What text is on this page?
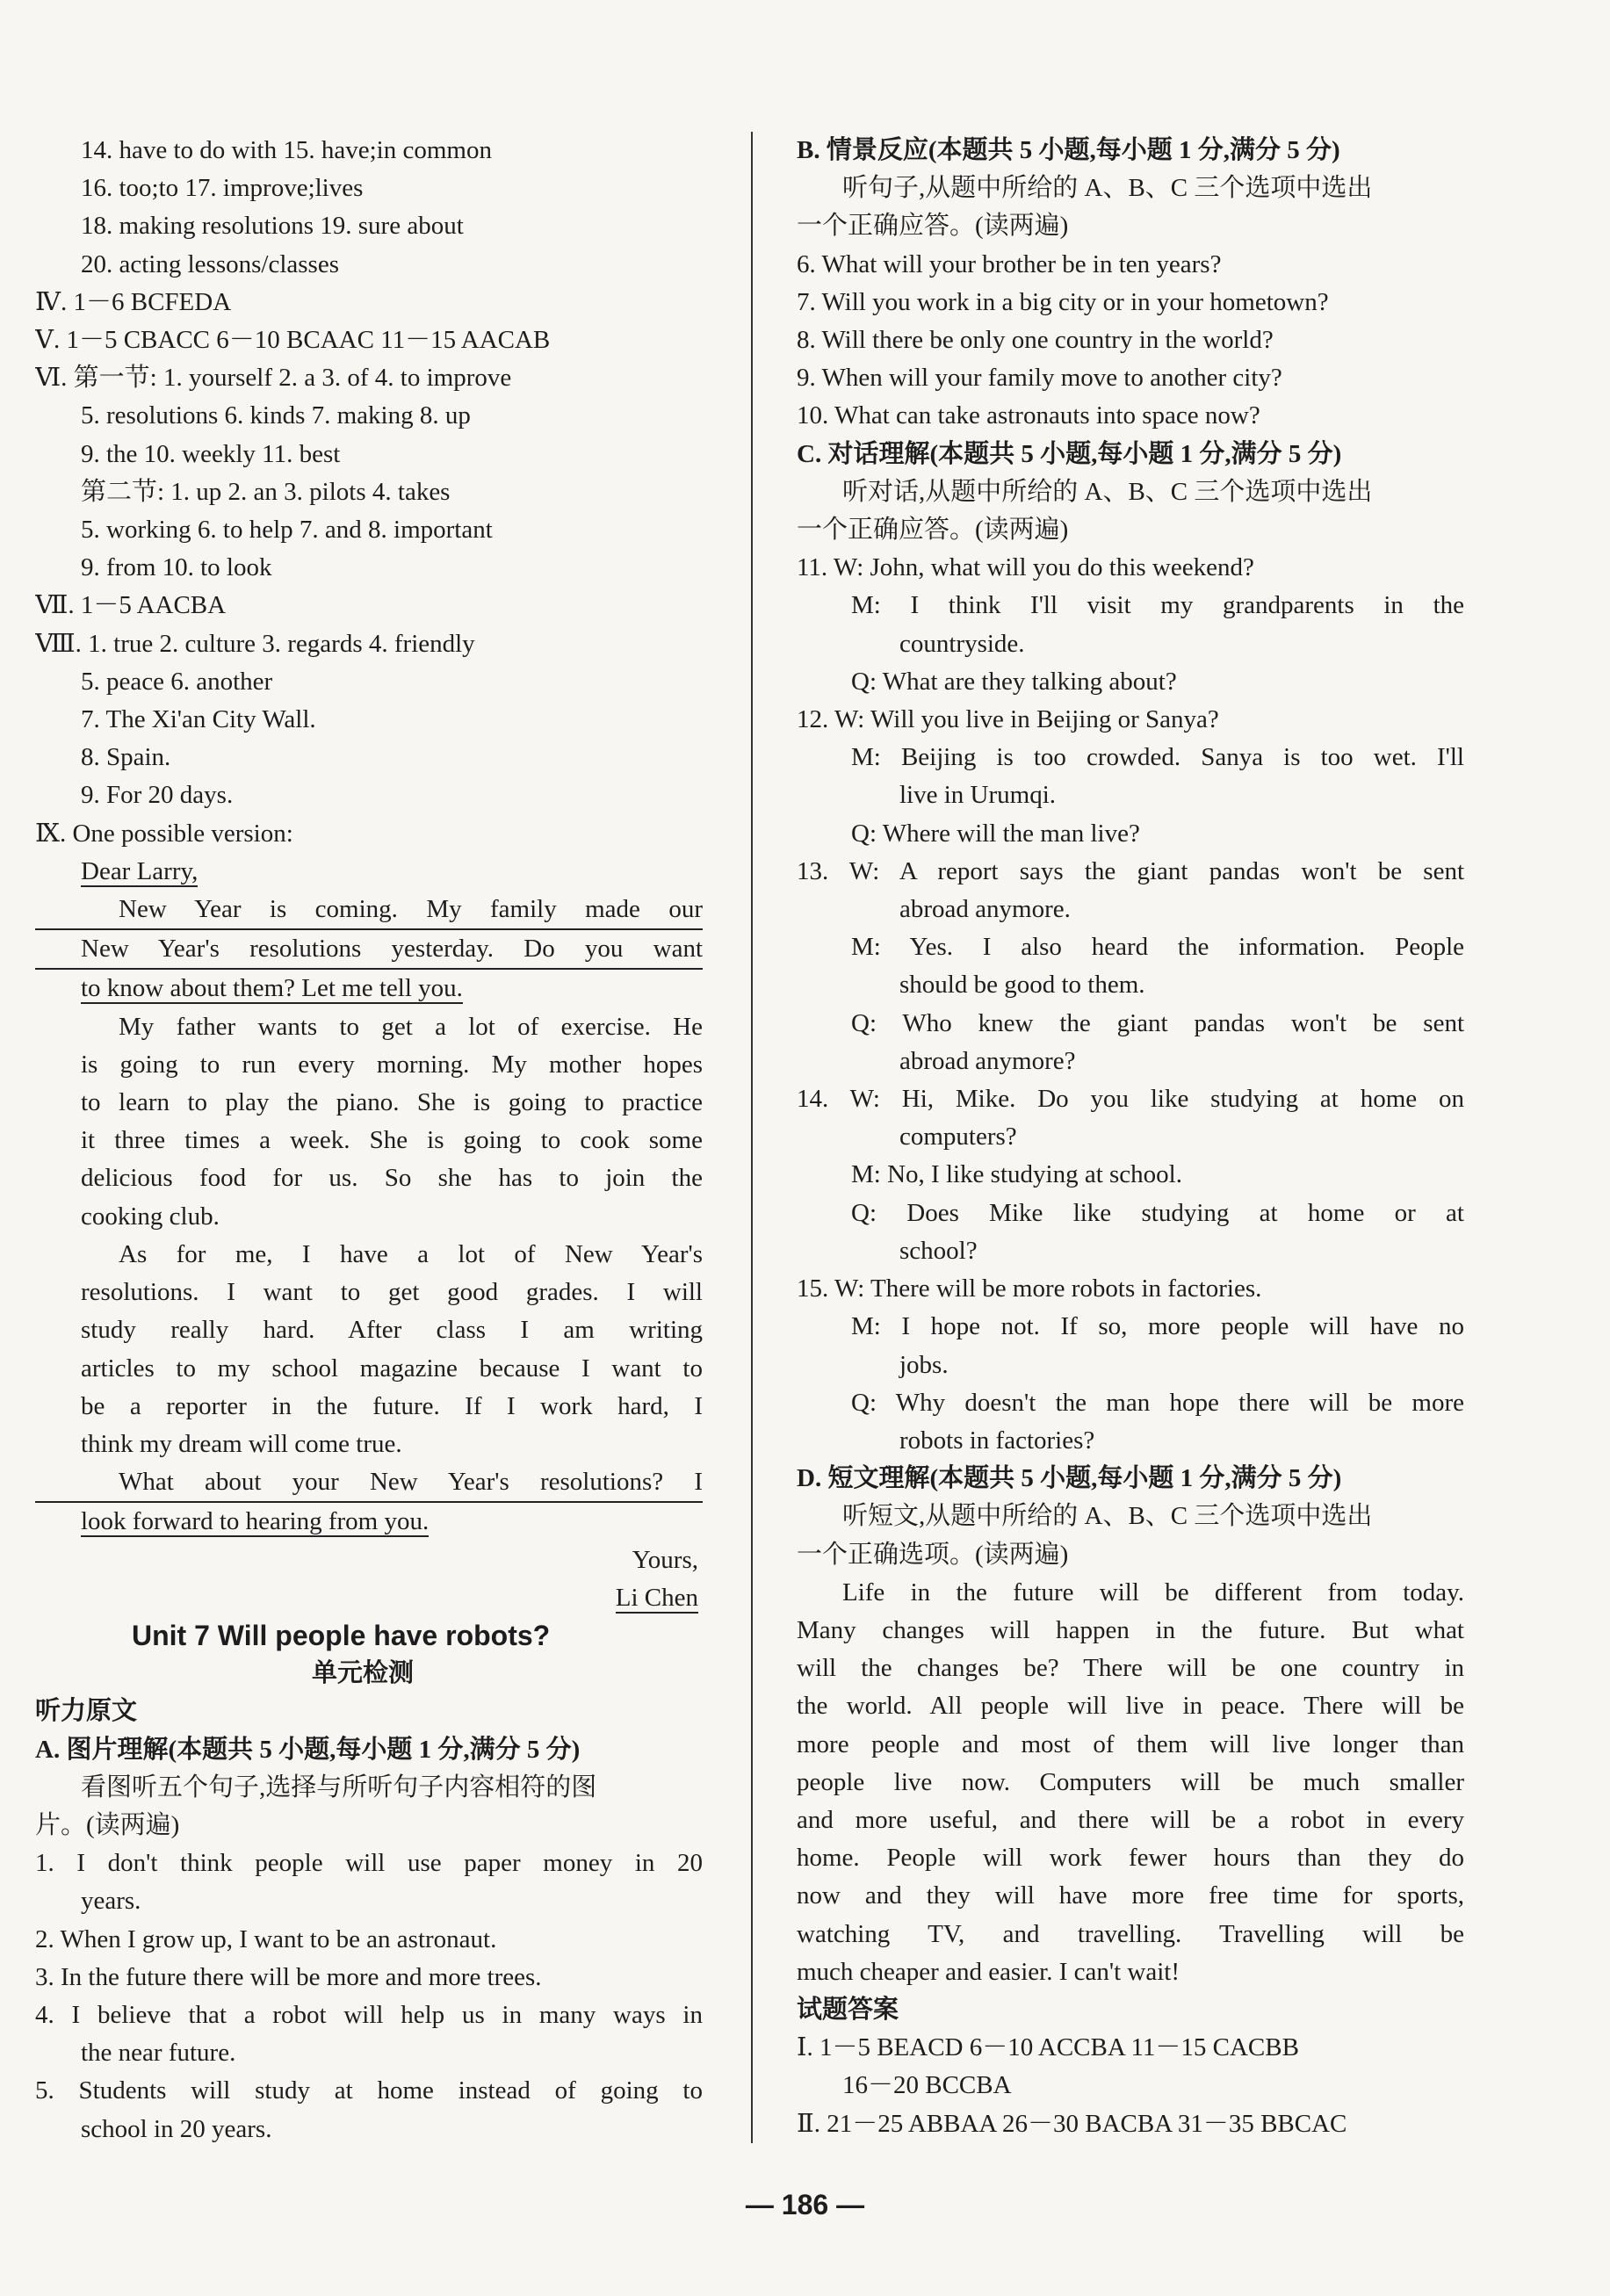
14. have to do with 15. have;in common
16. too;to 17. improve;lives
18. making resolutions 19. sure about
20. acting lessons/classes
Ⅳ. 1－6 BCFEDA
Ⅴ. 1－5 CBACC 6－10 BCAAC 11－15 AACAB
Ⅵ. 第一节: 1. yourself 2. a 3. of 4. to improve
5. resolutions 6. kinds 7. making 8. up
9. the 10. weekly 11. best
第二节: 1. up 2. an 3. pilots 4. takes
5. working 6. to help 7. and 8. important
9. from 10. to look
Ⅶ. 1－5 AACBA
Ⅷ. 1. true 2. culture 3. regards 4. friendly
5. peace 6. another
7. The Xi'an City Wall.
8. Spain.
9. For 20 days.
Ⅸ. One possible version:
Dear Larry,
New Year is coming. My family made our
New Year's resolutions yesterday. Do you want
to know about them? Let me tell you.
My father wants to get a lot of exercise. He
is going to run every morning. My mother hopes
to learn to play the piano. She is going to practice
it three times a week. She is going to cook some
delicious food for us. So she has to join the
cooking club.
As for me, I have a lot of New Year's
resolutions. I want to get good grades. I will
study really hard. After class I am writing
articles to my school magazine because I want to
be a reporter in the future. If I work hard, I
think my dream will come true.
What about your New Year's resolutions? I
look forward to hearing from you.
Yours,
Li Chen
Unit 7 Will people have robots?
单元检测
听力原文
A. 图片理解(本题共 5 小题,每小题 1 分,满分 5 分)
看图听五个句子,选择与所听句子内容相符的图
片。(读两遍)
1. I don't think people will use paper money in 20
years.
2. When I grow up, I want to be an astronaut.
3. In the future there will be more and more trees.
4. I believe that a robot will help us in many ways in
the near future.
5. Students will study at home instead of going to
school in 20 years.
B. 情景反应(本题共 5 小题,每小题 1 分,满分 5 分)
听句子,从题中所给的 A、B、C 三个选项中选出
一个正确应答。(读两遍)
6. What will your brother be in ten years?
7. Will you work in a big city or in your hometown?
8. Will there be only one country in the world?
9. When will your family move to another city?
10. What can take astronauts into space now?
C. 对话理解(本题共 5 小题,每小题 1 分,满分 5 分)
听对话,从题中所给的 A、B、C 三个选项中选出
一个正确应答。(读两遍)
11. W: John, what will you do this weekend?
M: I think I'll visit my grandparents in the
countryside.
Q: What are they talking about?
12. W: Will you live in Beijing or Sanya?
M: Beijing is too crowded. Sanya is too wet. I'll
live in Urumqi.
Q: Where will the man live?
13. W: A report says the giant pandas won't be sent
abroad anymore.
M: Yes. I also heard the information. People
should be good to them.
Q: Who knew the giant pandas won't be sent
abroad anymore?
14. W: Hi, Mike. Do you like studying at home on
computers?
M: No, I like studying at school.
Q: Does Mike like studying at home or at
school?
15. W: There will be more robots in factories.
M: I hope not. If so, more people will have no
jobs.
Q: Why doesn't the man hope there will be more
robots in factories?
D. 短文理解(本题共 5 小题,每小题 1 分,满分 5 分)
听短文,从题中所给的 A、B、C 三个选项中选出
一个正确选项。(读两遍)
Life in the future will be different from today.
Many changes will happen in the future. But what
will the changes be? There will be one country in
the world. All people will live in peace. There will be
more people and most of them will live longer than
people live now. Computers will be much smaller
and more useful, and there will be a robot in every
home. People will work fewer hours than they do
now and they will have more free time for sports,
watching TV, and travelling. Travelling will be
much cheaper and easier. I can't wait!
试题答案
Ⅰ. 1－5 BEACD 6－10 ACCBA 11－15 CACBB
16－20 BCCBA
Ⅱ. 21－25 ABBAA 26－30 BACBA 31－35 BBCAC
— 186 —
